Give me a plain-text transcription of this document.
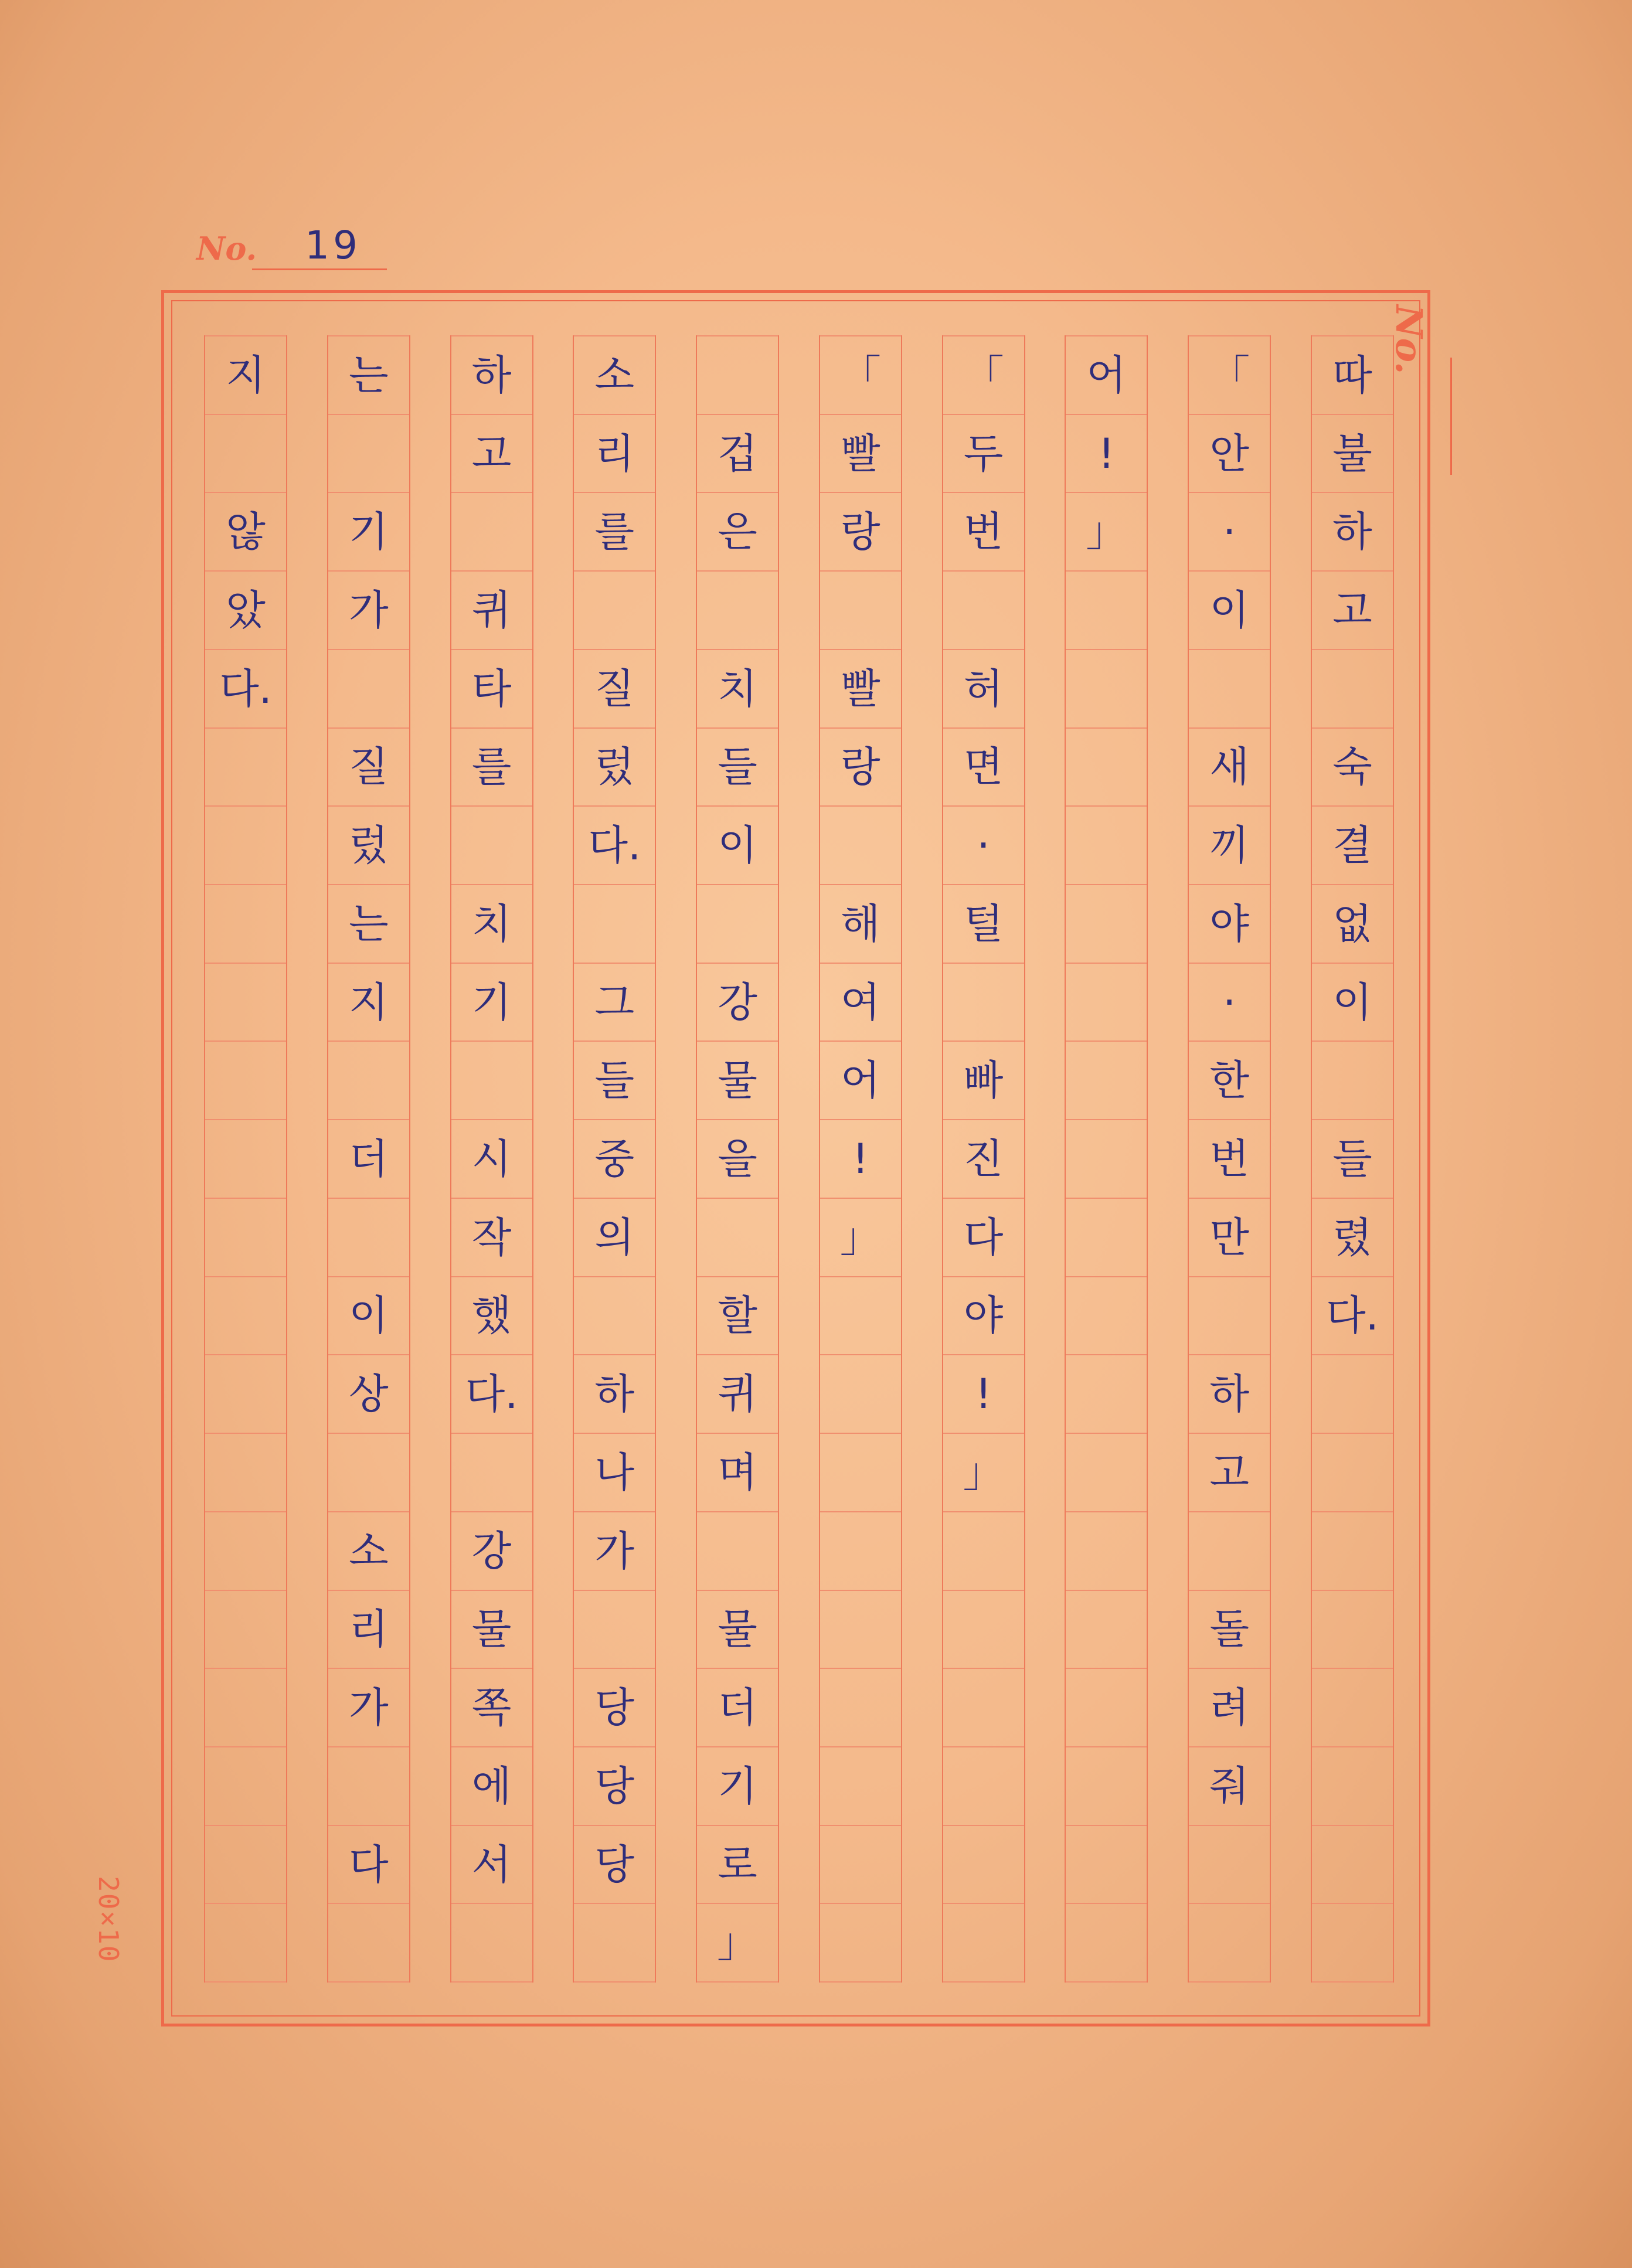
No. 19
No.
따
불
하
고
숙
결
없
이
들
렸
다.
「
안
·
이
새
끼
야
·
한
번
만
하
고
돌
려
줘
어
!
」
「
두
번
허
면
·
털
빠
진
다
야
!
」
「
빨
랑
빨
랑
해
여
어
!
」
겁
은
치
들
이
강
물
을
할
퀴
며
물
더
기
로
」
소
리
를
질
렀
다.
그
들
중
의
하
나
가
당
당
당
하
고
퀴
타
를
치
기
시
작
했
다.
강
물
쪽
에
서
는
기
가
질
렀
는
지
더
이
상
소
리
가
다
지
않
았
다.
20×10
